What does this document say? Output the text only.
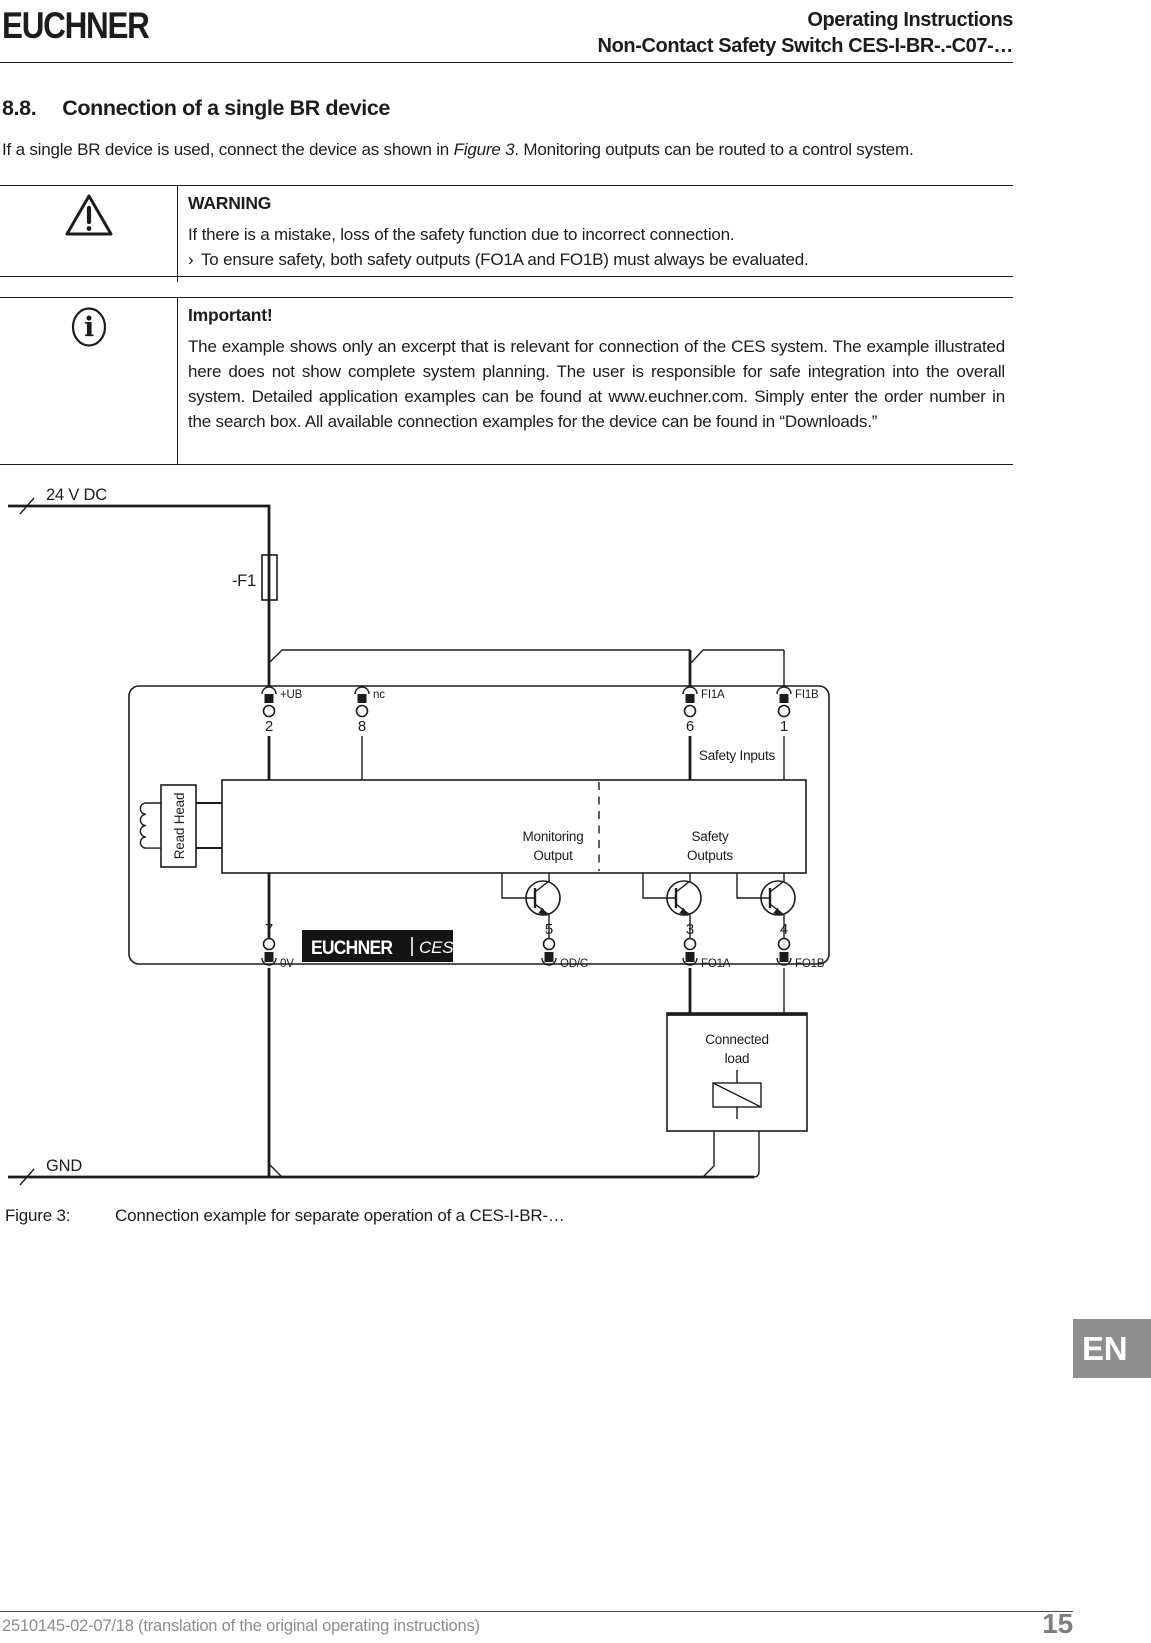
EUCHNER	Operating Instructions
Non-Contact Safety Switch CES-I-BR-.-C07-…
8.8. Connection of a single BR device
If a single BR device is used, connect the device as shown in Figure 3. Monitoring outputs can be routed to a control system.
WARNING
If there is a mistake, loss of the safety function due to incorrect connection.
› To ensure safety, both safety outputs (FO1A and FO1B) must always be evaluated.
i	Important!
The example shows only an excerpt that is relevant for connection of the CES system. The example illustrated here does not show complete system planning. The user is responsible for safe integration into the overall system. Detailed application examples can be found at www.euchner.com. Simply enter the order number in the search box. All available connection examples for the device can be found in “Downloads.”
24 V DC
-F1
2
+UB
8
nc
6
FI1A
1
FI1B
Safety Inputs
Monitoring
Output
Safety
Outputs
Read Head
EUCHNER CES
7
0V
5
OD/C
3
FO1A
4
FO1B
Connected
load
GND
Figure 3:	Connection example for separate operation of a CES-I-BR-…
EN
2510145-02-07/18 (translation of the original operating instructions)	15
